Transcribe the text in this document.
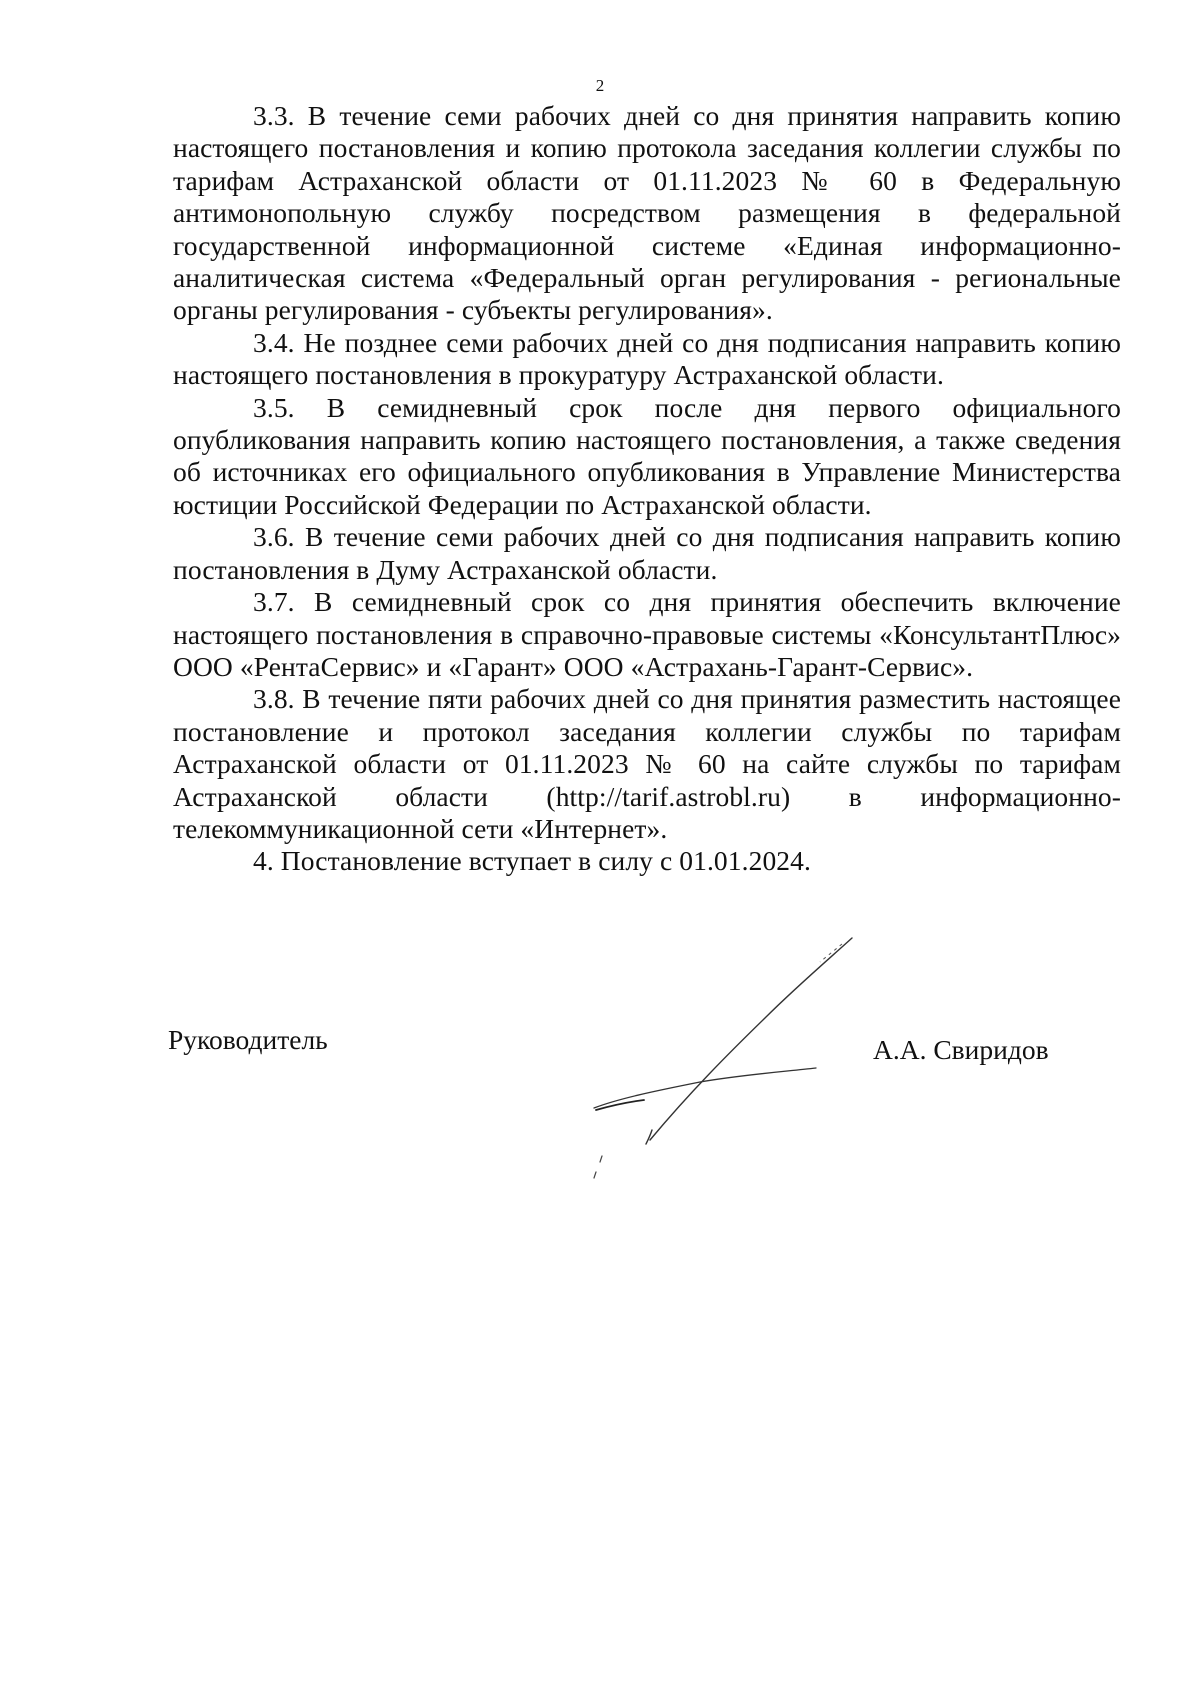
2

3.3. В течение семи рабочих дней со дня принятия направить копию настоящего постановления и копию протокола заседания коллегии службы по тарифам Астраханской области от 01.11.2023 № 60 в Федеральную антимонопольную службу посредством размещения в федеральной государственной информационной системе «Единая информационно-аналитическая система «Федеральный орган регулирования - региональные органы регулирования - субъекты регулирования».

3.4. Не позднее семи рабочих дней со дня подписания направить копию настоящего постановления в прокуратуру Астраханской области.

3.5. В семидневный срок после дня первого официального опубликования направить копию настоящего постановления, а также сведения об источниках его официального опубликования в Управление Министерства юстиции Российской Федерации по Астраханской области.

3.6. В течение семи рабочих дней со дня подписания направить копию постановления в Думу Астраханской области.

3.7. В семидневный срок со дня принятия обеспечить включение настоящего постановления в справочно-правовые системы «КонсультантПлюс» ООО «РентаСервис» и «Гарант» ООО «Астрахань-Гарант-Сервис».

3.8. В течение пяти рабочих дней со дня принятия разместить настоящее постановление и протокол заседания коллегии службы по тарифам Астраханской области от 01.11.2023 № 60 на сайте службы по тарифам Астраханской области (http://tarif.astrobl.ru) в информационно-телекоммуникационной сети «Интернет».

4. Постановление вступает в силу с 01.01.2024.

Руководитель	А.А. Свиридов
